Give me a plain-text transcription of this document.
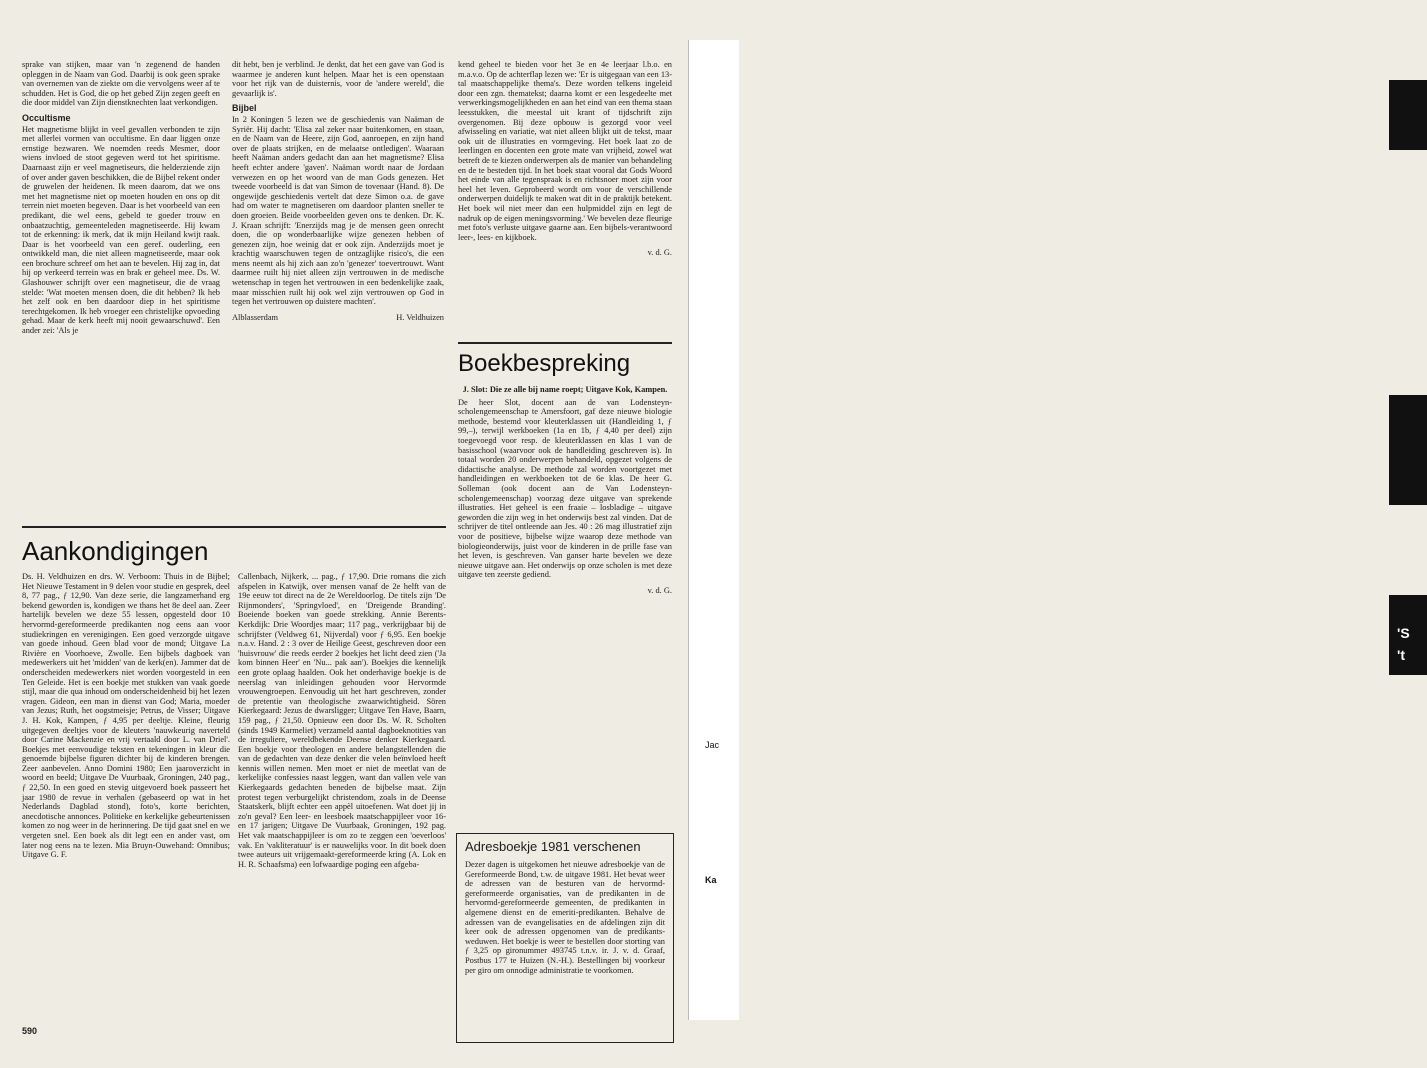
'S
't
Jac
Ka

sprake van stijken, maar van 'n zegenend de handen opleggen in de Naam van God. Daarbij is ook geen sprake van overnemen van de ziekte om die vervolgens weer af te schudden. Het is God, die op het gebed Zijn zegen geeft en die door middel van Zijn dienstknechten laat verkondigen.

Occultisme

Het magnetisme blijkt in veel gevallen verbonden te zijn met allerlei vormen van occultisme. En daar liggen onze ernstige bezwaren. We noemden reeds Mesmer, door wiens invloed de stoot gegeven werd tot het spiritisme. Daarnaast zijn er veel magnetiseurs, die helderziende zijn of over ander gaven beschikken, die de Bijbel rekent onder de gruwelen der heidenen. Ik meen daarom, dat we ons met het magnetisme niet op moeten houden en ons op dit terrein niet moeten begeven. Daar is het voorbeeld van een predikant, die wel eens, gebeld te goeder trouw en onbaatzuchtig, gemeenteleden magnetiseerde. Hij kwam tot de erkenning: ik merk, dat ik mijn Heiland kwijt raak. Daar is het voorbeeld van een geref. ouderling, een ontwikkeld man, die niet alleen magnetiseerde, maar ook een brochure schreef om het aan te bevelen. Hij zag in, dat hij op verkeerd terrein was en brak er geheel mee. Ds. W. Glashouwer schrijft over een magnetiseur, die de vraag stelde: 'Wat moeten mensen doen, die dit hebben? Ik heb het zelf ook en ben daardoor diep in het spiritisme terechtgekomen. Ik heb vroeger een christelijke opvoeding gehad. Maar de kerk heeft mij nooit gewaarschuwd'. Een ander zei: 'Als je

dit hebt, ben je verblind. Je denkt, dat het een gave van God is waarmee je anderen kunt helpen. Maar het is een openstaan voor het rijk van de duisternis, voor de 'andere wereld', die gevaarlijk is'.

Bijbel

In 2 Koningen 5 lezen we de geschiedenis van Naäman de Syriër. Hij dacht: 'Elisa zal zeker naar buitenkomen, en staan, en de Naam van de Heere, zijn God, aanroepen, en zijn hand over de plaats strijken, en de melaatse ontledigen'. Waaraan heeft Naäman anders gedacht dan aan het magnetisme? Elisa heeft echter andere 'gaven'. Naäman wordt naar de Jordaan verwezen en op het woord van de man Gods genezen. Het tweede voorbeeld is dat van Simon de tovenaar (Hand. 8). De ongewijde geschiedenis vertelt dat deze Simon o.a. de gave had om water te magnetiseren om daardoor planten sneller te doen groeien. Beide voorbeelden geven ons te denken. Dr. K. J. Kraan schrijft: 'Enerzijds mag je de mensen geen onrecht doen, die op wonderbaarlijke wijze genezen hebben of genezen zijn, hoe weinig dat er ook zijn. Anderzijds moet je krachtig waarschuwen tegen de ontzaglijke risico's, die een mens neemt als hij zich aan zo'n 'genezer' toevertrouwt. Want daarmee ruilt hij niet alleen zijn vertrouwen in de medische wetenschap in tegen het vertrouwen in een bedenkelijke zaak, maar misschien ruilt hij ook wel zijn vertrouwen op God in tegen het vertrouwen op duistere machten'.

Alblasserdam	H. Veldhuizen

kend geheel te bieden voor het 3e en 4e leerjaar l.b.o. en m.a.v.o. Op de achterflap lezen we: 'Er is uitgegaan van een 13-tal maatschappelijke thema's. Deze worden telkens ingeleid door een zgn. thematekst; daarna komt er een lesgedeelte met verwerkingsmogelijkheden en aan het eind van een thema staan leesstukken, die meestal uit krant of tijdschrift zijn overgenomen. Bij deze opbouw is gezorgd voor veel afwisseling en variatie, wat niet alleen blijkt uit de tekst, maar ook uit de illustraties en vormgeving. Het boek laat zo de leerlingen en docenten een grote mate van vrijheid, zowel wat betreft de te kiezen onderwerpen als de manier van behandeling en de te besteden tijd. In het boek staat vooral dat Gods Woord het einde van alle tegenspraak is en richtsnoer moet zijn voor heel het leven. Geprobeerd wordt om voor de verschillende onderwerpen duidelijk te maken wat dit in de praktijk betekent. Het boek wil niet meer dan een hulpmiddel zijn en legt de nadruk op de eigen meningsvorming.' We bevelen deze fleurige met foto's verluste uitgave gaarne aan. Een bijbels-verantwoord leer-, lees- en kijkboek.

v. d. G.
Boekbespreking
J. Slot: Die ze alle bij name roept; Uitgave Kok, Kampen.

De heer Slot, docent aan de van Lodensteyn-scholengemeenschap te Amersfoort, gaf deze nieuwe biologie methode, bestemd voor kleuterklassen uit (Handleiding 1, ƒ 99,–), terwijl werkboeken (1a en 1b, ƒ 4,40 per deel) zijn toegevoegd voor resp. de kleuterklassen en klas 1 van de basisschool (waarvoor ook de handleiding geschreven is). In totaal worden 20 onderwerpen behandeld, opgezet volgens de didactische analyse. De methode zal worden voortgezet met handleidingen en werkboeken tot de 6e klas. De heer G. Solleman (ook docent aan de Van Lodensteyn-scholengemeenschap) voorzag deze uitgave van sprekende illustraties. Het geheel is een fraaie – losbladige – uitgave geworden die zijn weg in het onderwijs best zal vinden. Dat de schrijver de titel ontleende aan Jes. 40 : 26 mag illustratief zijn voor de positieve, bijbelse wijze waarop deze methode van biologieonderwijs, juist voor de kinderen in de prille fase van het leven, is geschreven. Van ganser harte bevelen we deze nieuwe uitgave aan. Het onderwijs op onze scholen is met deze uitgave ten zeerste gediend.

v. d. G.
Aankondigingen

Ds. H. Veldhuizen en drs. W. Verboom: Thuis in de Bijbel; Het Nieuwe Testament in 9 delen voor studie en gesprek, deel 8, 77 pag., ƒ 12,90. Van deze serie, die langzamerhand erg bekend geworden is, kondigen we thans het 8e deel aan. Zeer hartelijk bevelen we deze 55 lessen, opgesteld door 10 hervormd-gereformeerde predikanten nog eens aan voor studiekringen en verenigingen. Een goed verzorgde uitgave van goede inhoud. Geen blad voor de mond; Uitgave La Rivière en Voorhoeve, Zwolle. Een bijbels dagboek van medewerkers uit het 'midden' van de kerk(en). Jammer dat de onderscheiden medewerkers niet worden voorgesteld in een Ten Geleide. Het is een boekje met stukken van vaak goede stijl, maar die qua inhoud om onderscheidenheid bij het lezen vragen. Gideon, een man in dienst van God; Maria, moeder van Jezus; Ruth, het oogstmeisje; Petrus, de Visser; Uitgave J. H. Kok, Kampen, ƒ 4,95 per deeltje. Kleine, fleurig uitgegeven deeltjes voor de kleuters 'nauwkeurig naverteld door Carine Mackenzie en vrij vertaald door L. van Driel'. Boekjes met eenvoudige teksten en tekeningen in kleur die genoemde bijbelse figuren dichter bij de kinderen brengen. Zeer aanbevelen. Anno Domini 1980; Een jaaroverzicht in woord en beeld; Uitgave De Vuurbaak, Groningen, 240 pag., ƒ 22,50. In een goed en stevig uitgevoerd boek passeert het jaar 1980 de revue in verhalen (gebaseerd op wat in het Nederlands Dagblad stond), foto's, korte berichten, anecdotische annonces. Politieke en kerkelijke gebeurtenissen komen zo nog weer in de herinnering. De tijd gaat snel en we vergeten snel. Een boek als dit legt een en ander vast, om later nog eens na te lezen. Mia Bruyn-Ouwehand: Omnibus; Uitgave G. F.

Callenbach, Nijkerk, ... pag., ƒ 17,90. Drie romans die zich afspelen in Katwijk, over mensen vanaf de 2e helft van de 19e eeuw tot direct na de 2e Wereldoorlog. De titels zijn 'De Rijnmonders', 'Springvloed', en 'Dreigende Branding'. Boeiende boeken van goede strekking. Annie Berents-Kerkdijk: Drie Woordjes maar; 117 pag., verkrijgbaar bij de schrijfster (Veldweg 61, Nijverdal) voor ƒ 6,95. Een boekje n.a.v. Hand. 2 : 3 over de Heilige Geest, geschreven door een 'huisvrouw' die reeds eerder 2 boekjes het licht deed zien ('Ja kom binnen Heer' en 'Nu... pak aan'). Boekjes die kennelijk een grote oplaag haalden. Ook het onderhavige boekje is de neerslag van inleidingen gehouden voor Hervormde vrouwengroepen. Eenvoudig uit het hart geschreven, zonder de pretentie van theologische zwaarwichtigheid. Sören Kierkegaard: Jezus de dwarsligger; Uitgave Ten Have, Baarn, 159 pag., ƒ 21,50. Opnieuw een door Ds. W. R. Scholten (sinds 1949 Karmeliet) verzameld aantal dagboeknotities van de irreguliere, wereldbekende Deense denker Kierkegaard. Een boekje voor theologen en andere belangstellenden die van de gedachten van deze denker die velen beïnvloed heeft kennis willen nemen. Men moet er niet de meetlat van de kerkelijke confessies naast leggen, want dan vallen vele van Kierkegaards gedachten beneden de bijbelse maat. Zijn protest tegen verburgelijkt christendom, zoals in de Deense Staatskerk, blijft echter een appèl uitoefenen. Wat doet jij in zo'n geval? Een leer- en leesboek maatschappijleer voor 16- en 17 jarigen; Uitgave De Vuurbaak, Groningen, 192 pag. Het vak maatschappijleer is om zo te zeggen een 'oeverloos' vak. En 'vakliteratuur' is er nauwelijks voor. In dit boek doen twee auteurs uit vrijgemaakt-gereformeerde kring (A. Lok en H. R. Schaafsma) een lofwaardige poging een afgeba-

Adresboekje 1981 verschenen

Dezer dagen is uitgekomen het nieuwe adresboekje van de Gereformeerde Bond, t.w. de uitgave 1981. Het bevat weer de adressen van de besturen van de hervormd-gereformeerde organisaties, van de predikanten in de hervormd-gereformeerde gemeenten, de predikanten in algemene dienst en de emeriti-predikanten. Behalve de adressen van de evangelisaties en de afdelingen zijn dit keer ook de adressen opgenomen van de predikants-weduwen. Het boekje is weer te bestellen door storting van ƒ 3,25 op gironummer 493745 t.n.v. ir. J. v. d. Graaf, Postbus 177 te Huizen (N.-H.). Bestellingen bij voorkeur per giro om onnodige administratie te voorkomen.

590
